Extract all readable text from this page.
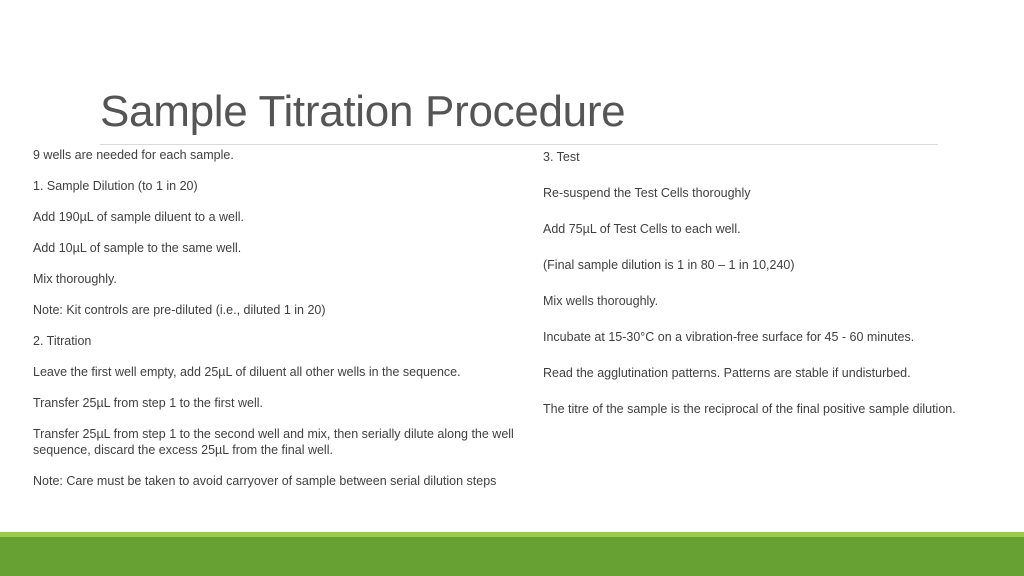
Sample Titration Procedure

9 wells are needed for each sample.

1. Sample Dilution (to 1 in 20)

Add 190µL of sample diluent to a well.

Add 10µL of sample to the same well.

Mix thoroughly.

Note: Kit controls are pre-diluted (i.e., diluted 1 in 20)

2. Titration

Leave the first well empty, add 25µL of diluent all other wells in the sequence.

Transfer 25µL from step 1 to the first well.

Transfer 25µL from step 1 to the second well and mix, then serially dilute along the well sequence, discard the excess 25µL from the final well.

Note: Care must be taken to avoid carryover of sample between serial dilution steps

3. Test

Re-suspend the Test Cells thoroughly

Add 75µL of Test Cells to each well.

(Final sample dilution is 1 in 80 – 1 in 10,240)

Mix wells thoroughly.

Incubate at 15-30°C on a vibration-free surface for 45 - 60 minutes.

Read the agglutination patterns. Patterns are stable if undisturbed.

The titre of the sample is the reciprocal of the final positive sample dilution.
